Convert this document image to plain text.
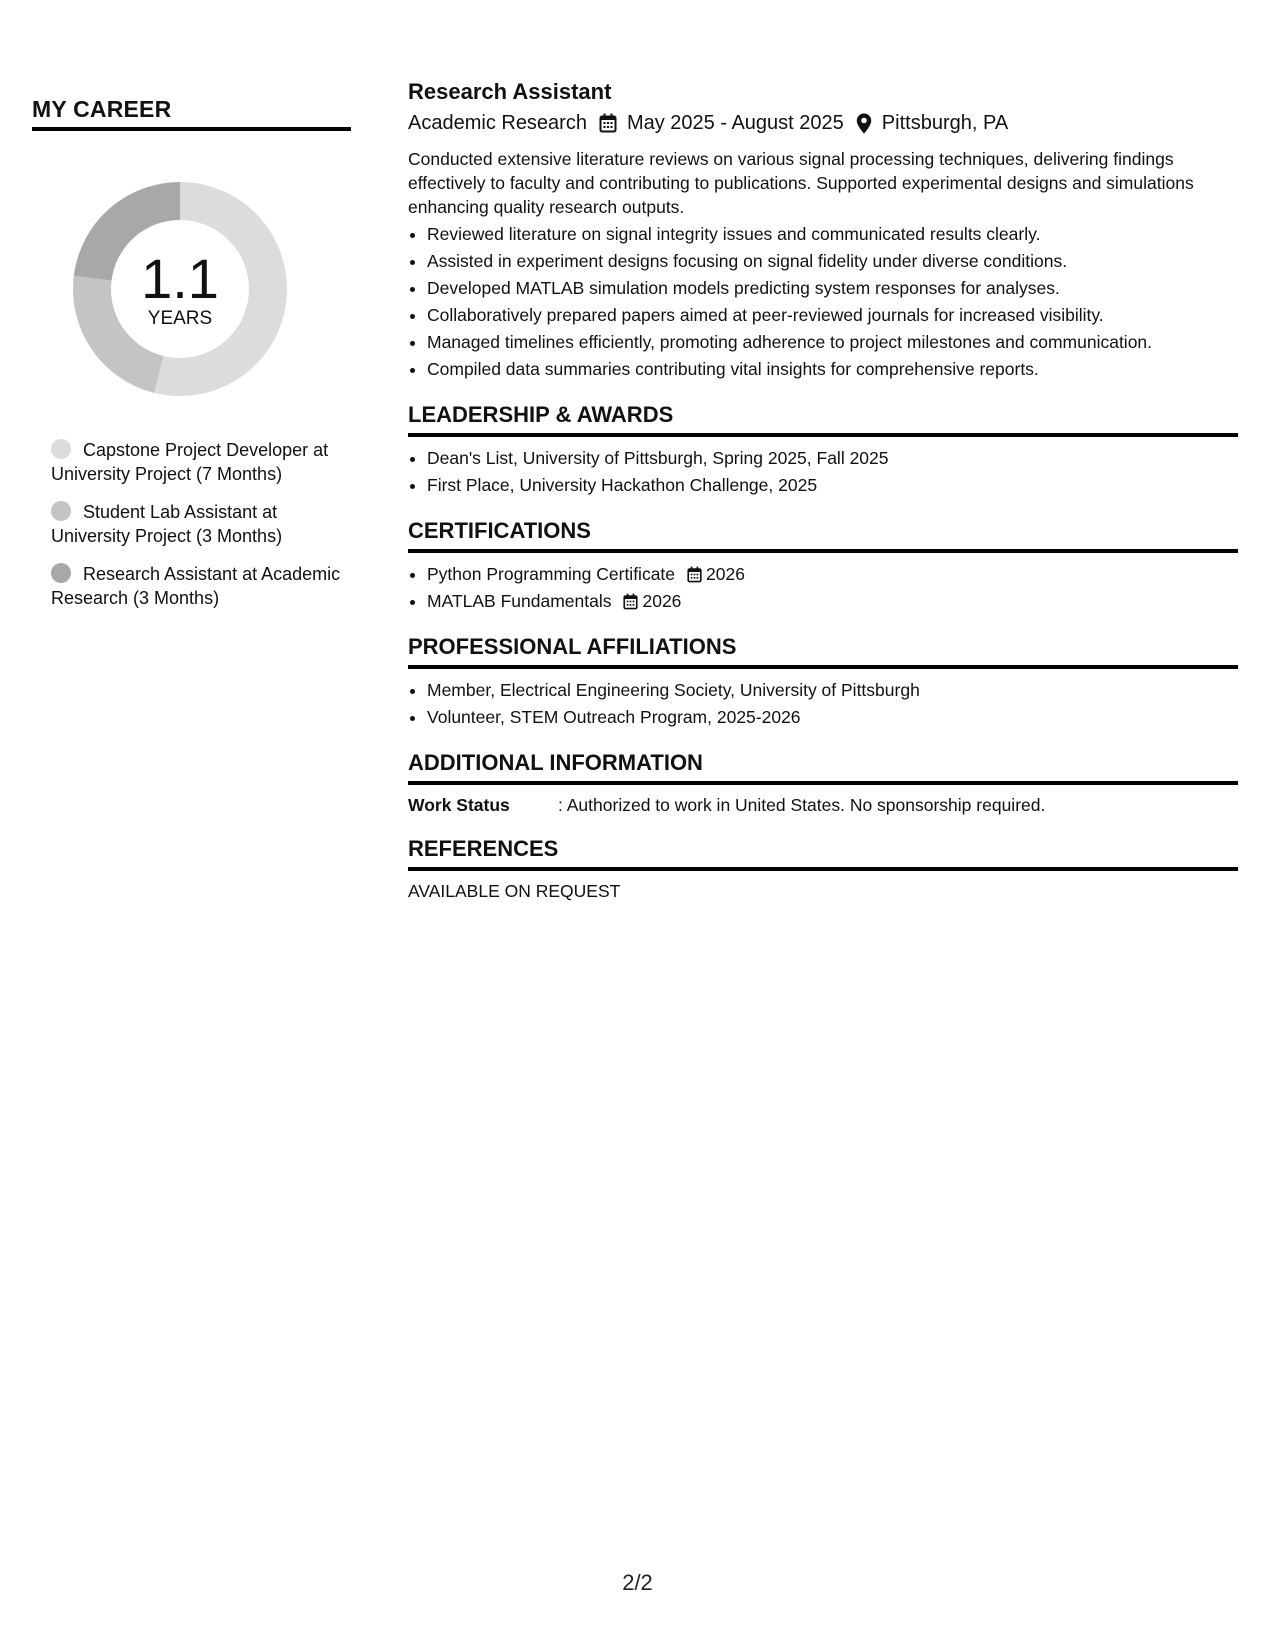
MY CAREER
1.1
YEARS
Capstone Project Developer at University Project (7 Months)
Student Lab Assistant at University Project (3 Months)
Research Assistant at Academic Research (3 Months)
Research Assistant
Academic Research May 2025 - August 2025 Pittsburgh, PA
Conducted extensive literature reviews on various signal processing techniques, delivering findings effectively to faculty and contributing to publications. Supported experimental designs and simulations enhancing quality research outputs.
• Reviewed literature on signal integrity issues and communicated results clearly.
• Assisted in experiment designs focusing on signal fidelity under diverse conditions.
• Developed MATLAB simulation models predicting system responses for analyses.
• Collaboratively prepared papers aimed at peer-reviewed journals for increased visibility.
• Managed timelines efficiently, promoting adherence to project milestones and communication.
• Compiled data summaries contributing vital insights for comprehensive reports.
LEADERSHIP & AWARDS
• Dean's List, University of Pittsburgh, Spring 2025, Fall 2025
• First Place, University Hackathon Challenge, 2025
CERTIFICATIONS
• Python Programming Certificate 2026
• MATLAB Fundamentals 2026
PROFESSIONAL AFFILIATIONS
• Member, Electrical Engineering Society, University of Pittsburgh
• Volunteer, STEM Outreach Program, 2025-2026
ADDITIONAL INFORMATION
Work Status	: Authorized to work in United States. No sponsorship required.
REFERENCES
AVAILABLE ON REQUEST
2/2
